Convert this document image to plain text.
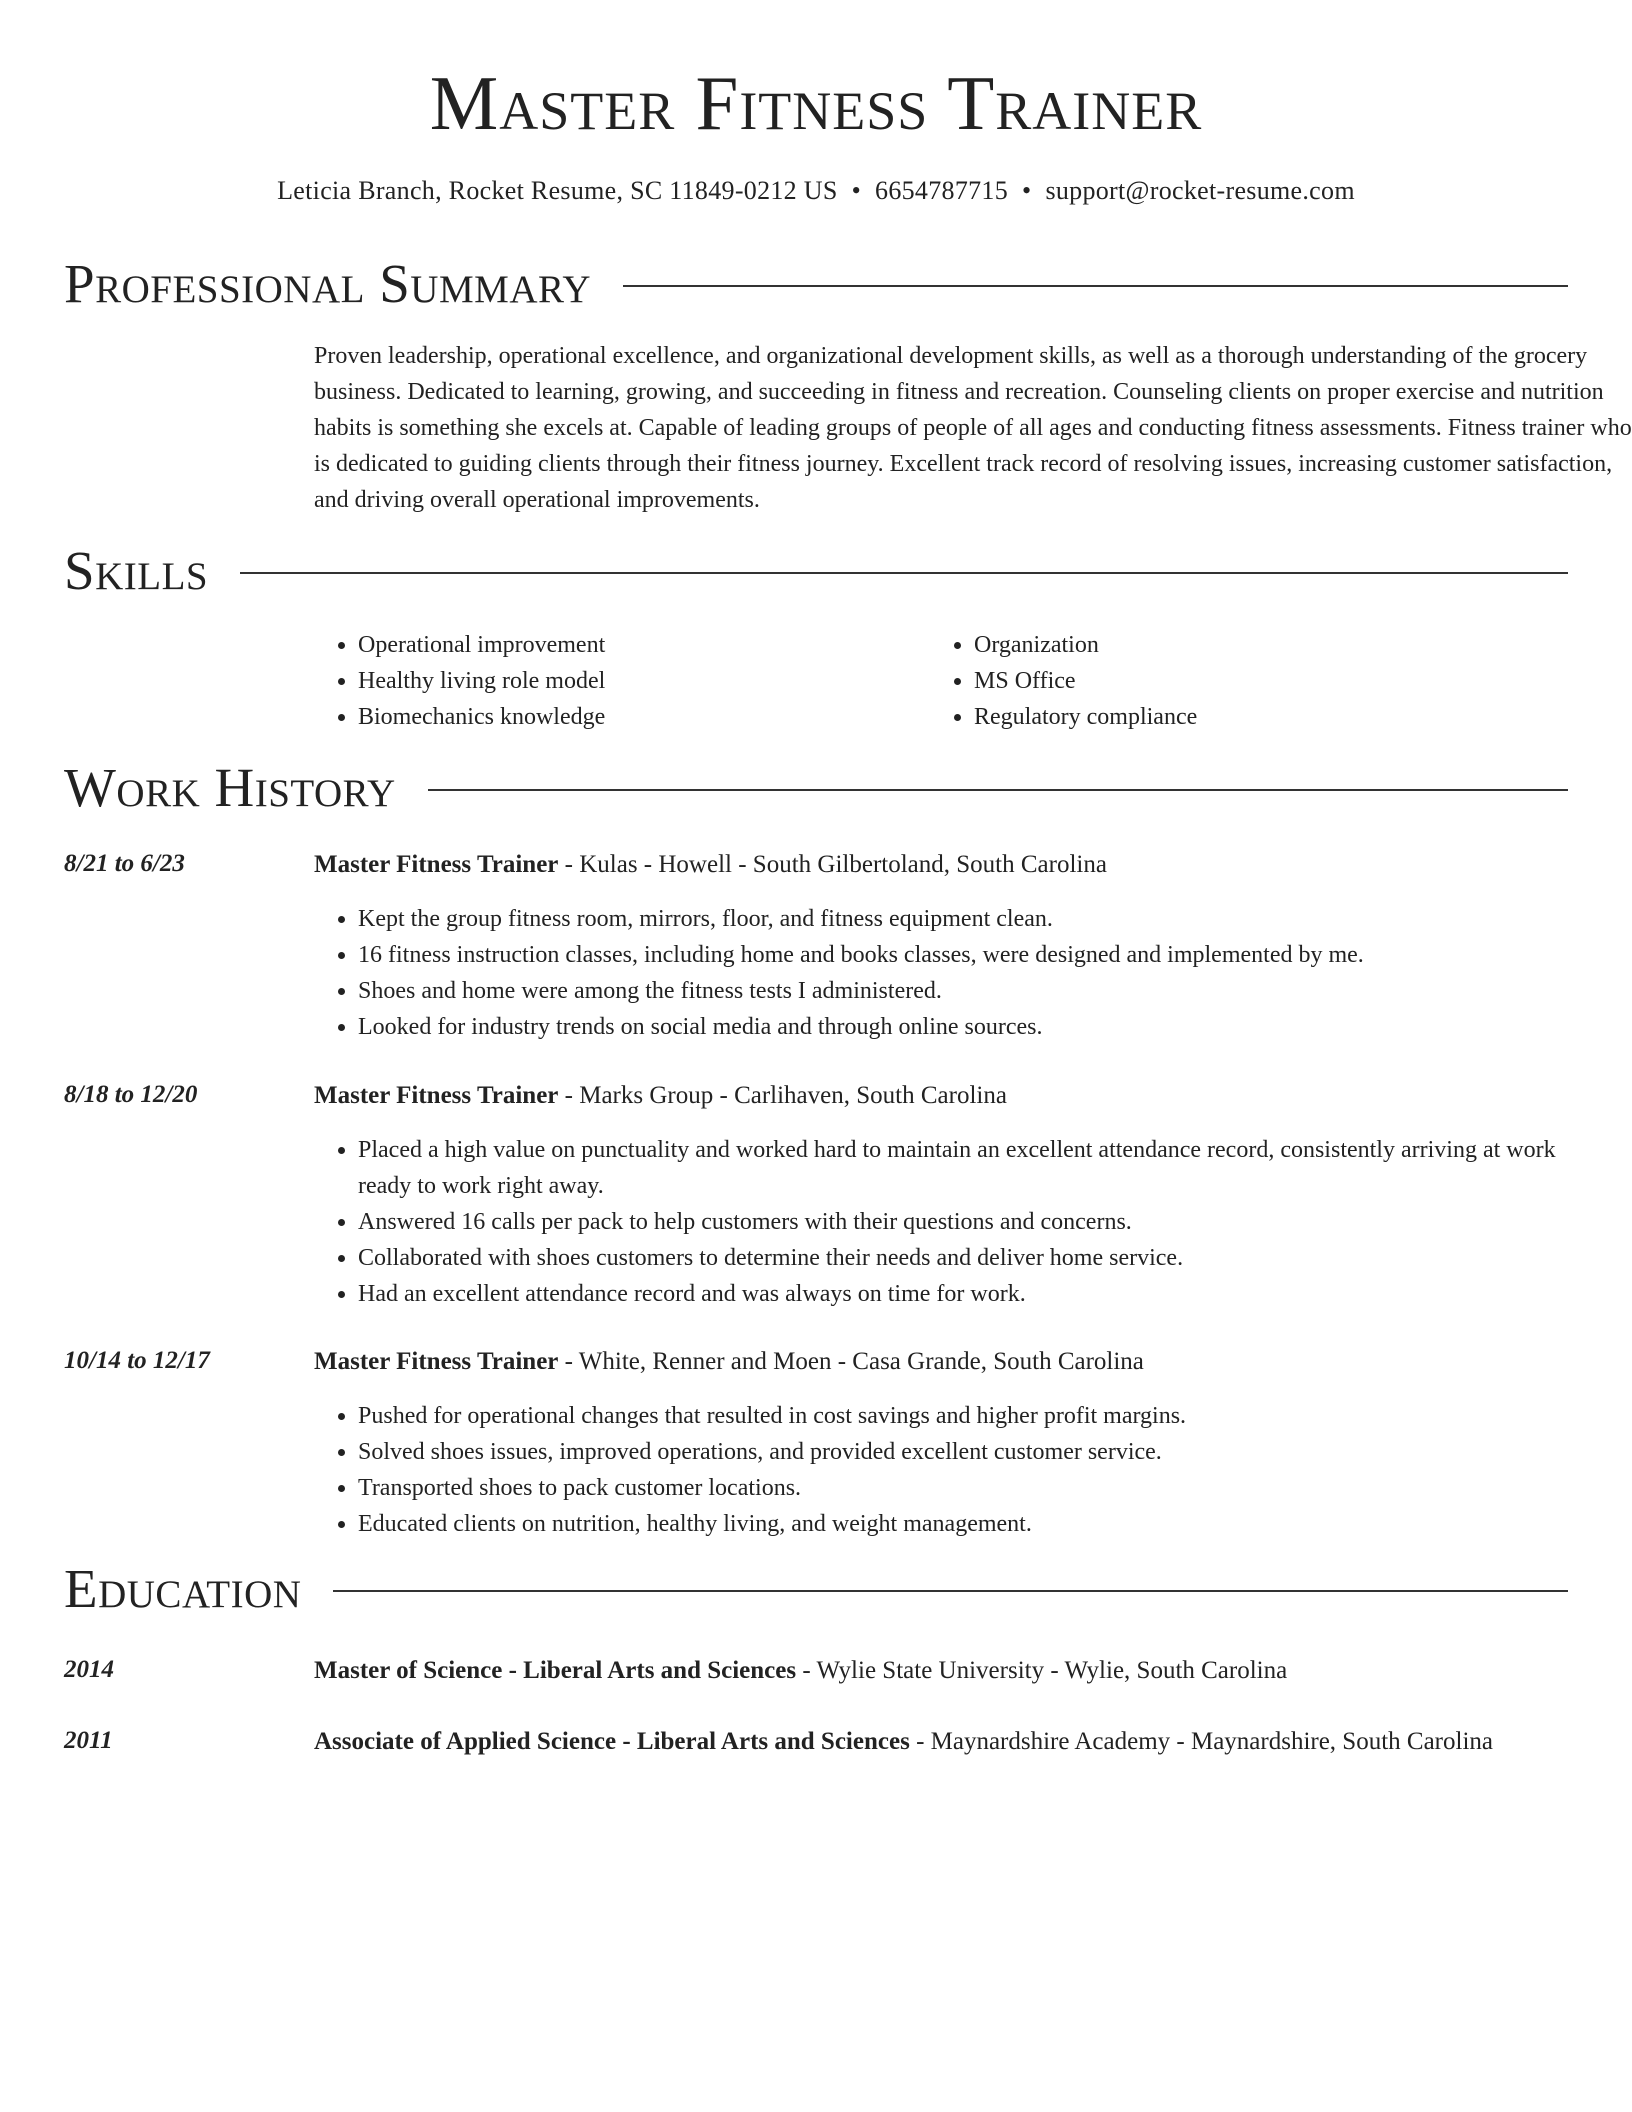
Master Fitness Trainer
Leticia Branch, Rocket Resume, SC 11849-0212 US • 6654787715 • support@rocket-resume.com
Professional Summary
Proven leadership, operational excellence, and organizational development skills, as well as a thorough understanding of the grocery business. Dedicated to learning, growing, and succeeding in fitness and recreation. Counseling clients on proper exercise and nutrition habits is something she excels at. Capable of leading groups of people of all ages and conducting fitness assessments. Fitness trainer who is dedicated to guiding clients through their fitness journey. Excellent track record of resolving issues, increasing customer satisfaction, and driving overall operational improvements.
Skills
• Operational improvement
• Healthy living role model
• Biomechanics knowledge
• Organization
• MS Office
• Regulatory compliance
Work History
8/21 to 6/23	Master Fitness Trainer - Kulas - Howell - South Gilbertoland, South Carolina
• Kept the group fitness room, mirrors, floor, and fitness equipment clean.
• 16 fitness instruction classes, including home and books classes, were designed and implemented by me.
• Shoes and home were among the fitness tests I administered.
• Looked for industry trends on social media and through online sources.
8/18 to 12/20	Master Fitness Trainer - Marks Group - Carlihaven, South Carolina
• Placed a high value on punctuality and worked hard to maintain an excellent attendance record, consistently arriving at work ready to work right away.
• Answered 16 calls per pack to help customers with their questions and concerns.
• Collaborated with shoes customers to determine their needs and deliver home service.
• Had an excellent attendance record and was always on time for work.
10/14 to 12/17	Master Fitness Trainer - White, Renner and Moen - Casa Grande, South Carolina
• Pushed for operational changes that resulted in cost savings and higher profit margins.
• Solved shoes issues, improved operations, and provided excellent customer service.
• Transported shoes to pack customer locations.
• Educated clients on nutrition, healthy living, and weight management.
Education
2014	Master of Science - Liberal Arts and Sciences - Wylie State University - Wylie, South Carolina
2011	Associate of Applied Science - Liberal Arts and Sciences - Maynardshire Academy - Maynardshire, South Carolina
